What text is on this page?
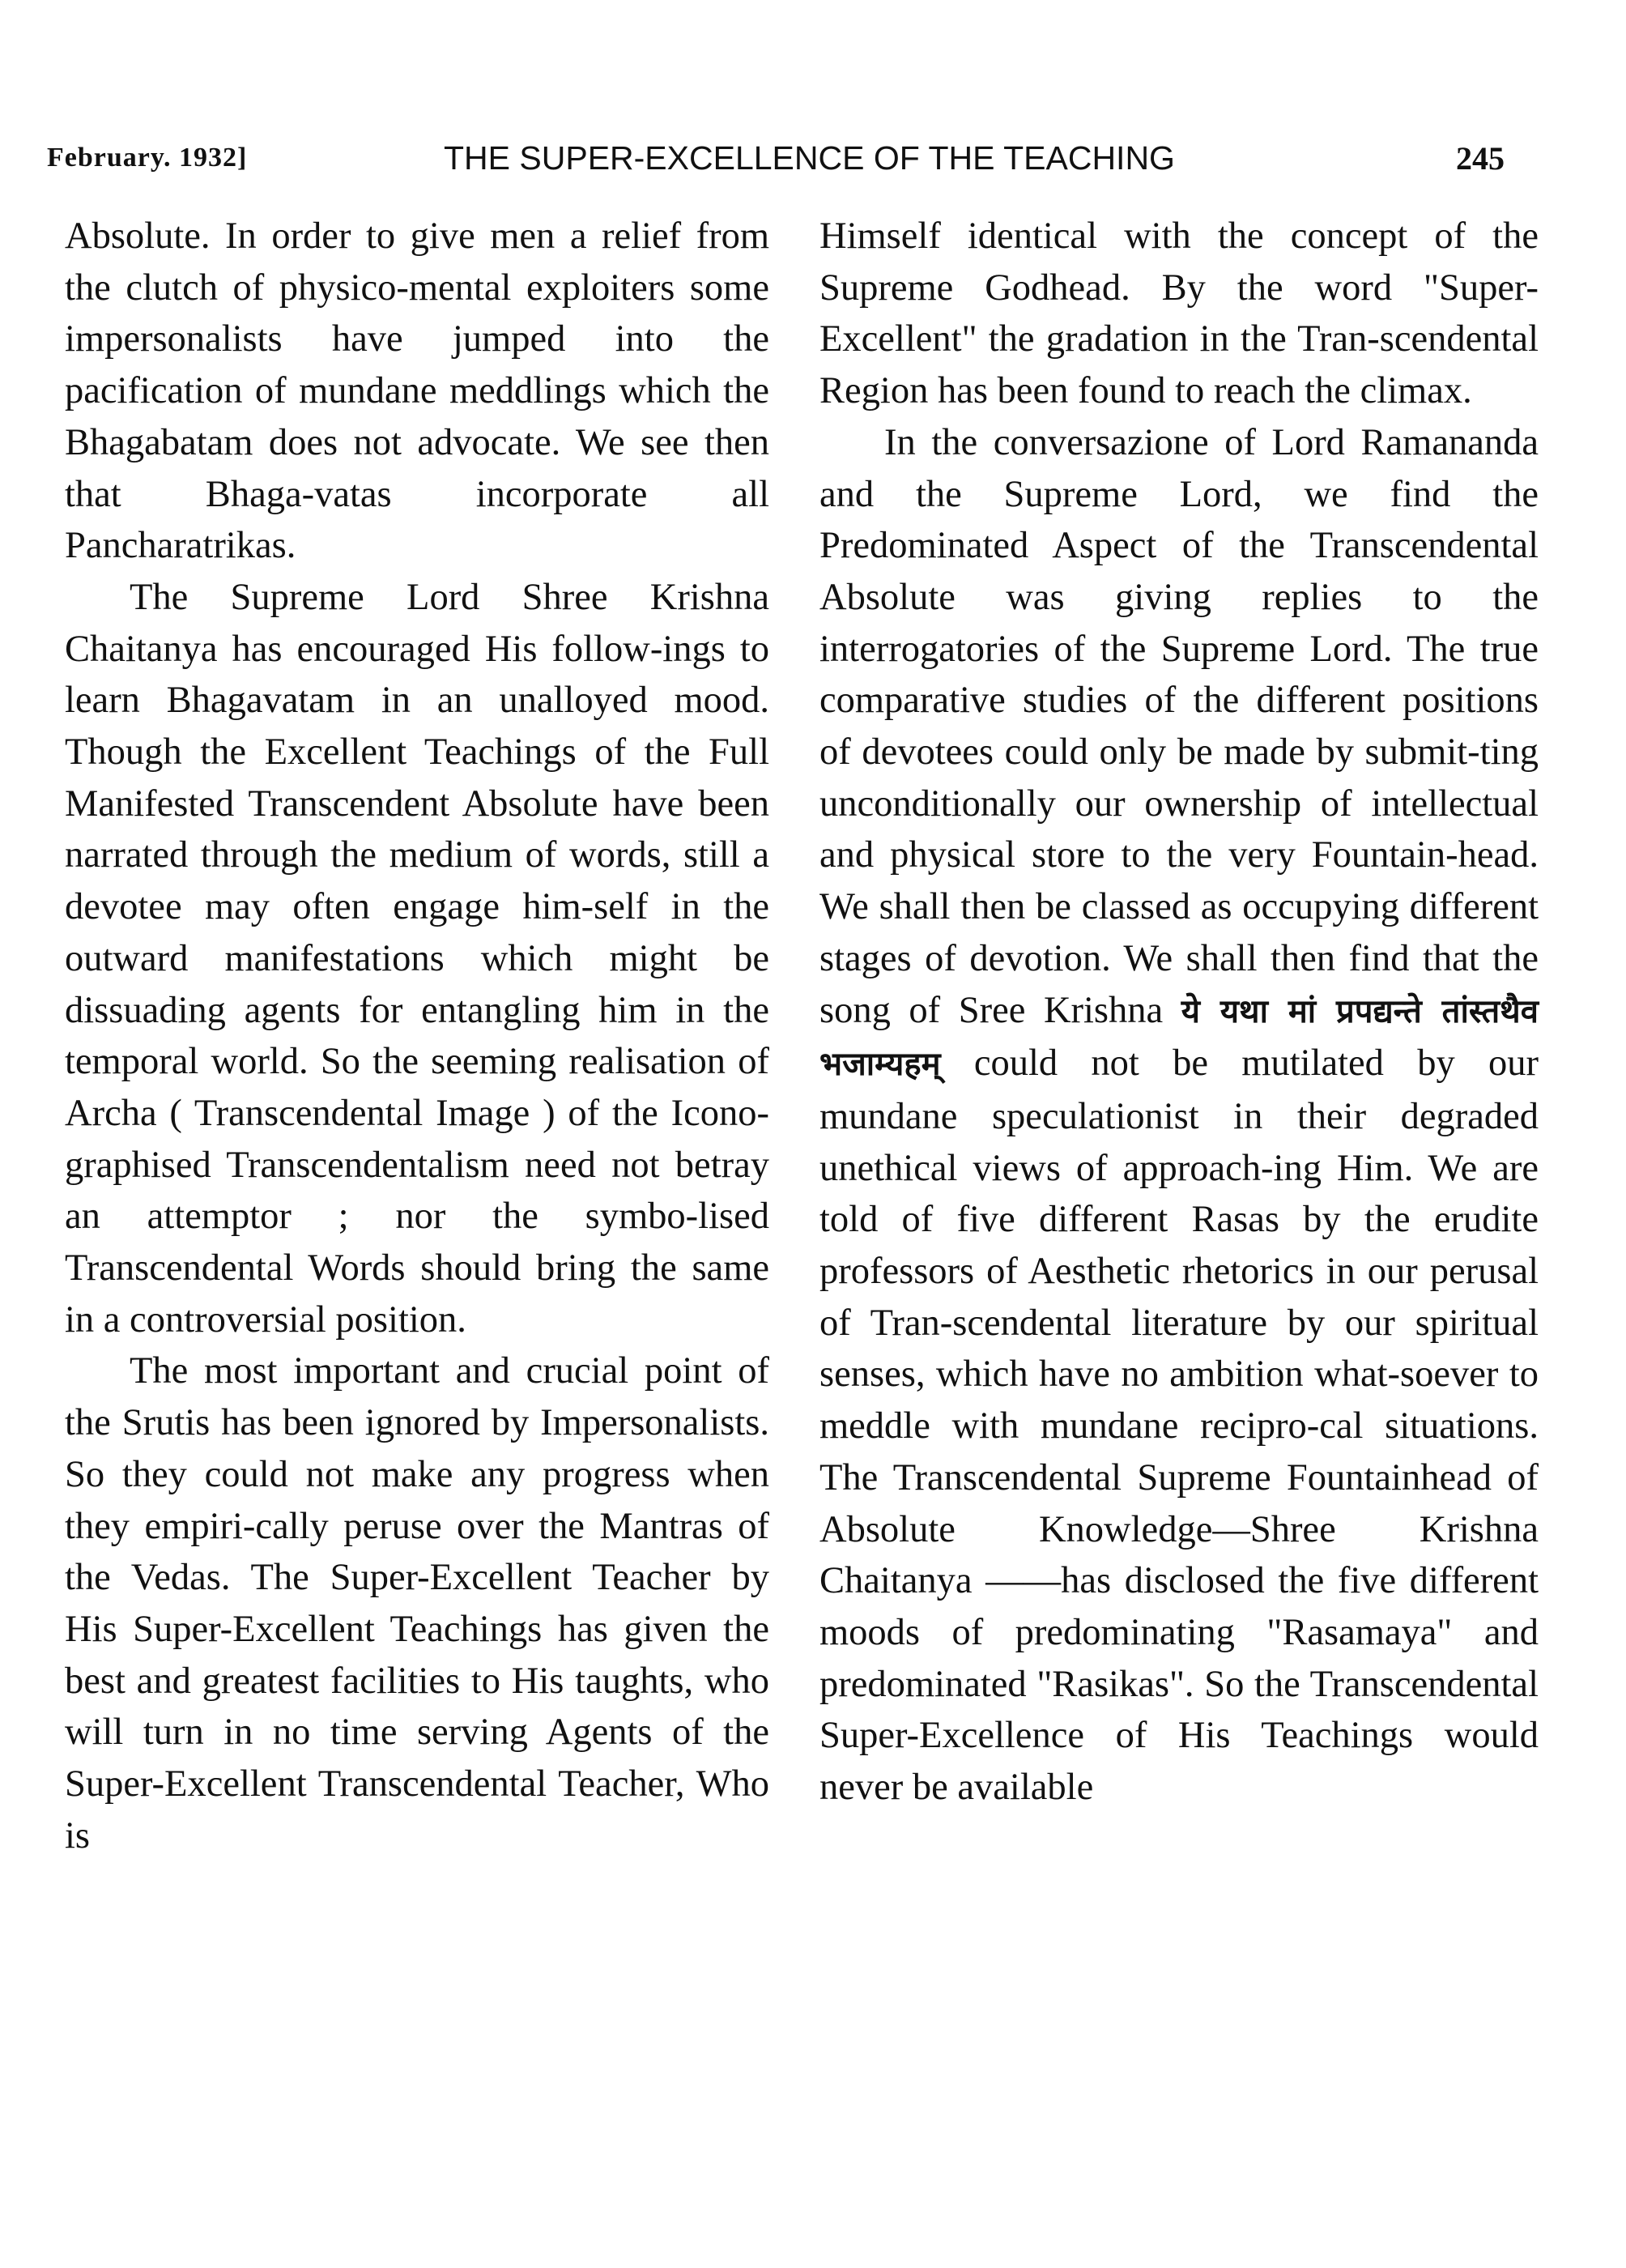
February. 1932]	THE SUPER-EXCELLENCE OF THE TEACHING	245

Absolute. In order to give men a relief from the clutch of physico-mental exploiters some impersonalists have jumped into the pacification of mundane meddlings which the Bhagabatam does not advocate. We see then that Bhaga-vatas incorporate all Pancharatrikas.

The Supreme Lord Shree Krishna Chaitanya has encouraged His follow-ings to learn Bhagavatam in an unalloyed mood. Though the Excellent Teachings of the Full Manifested Transcendent Absolute have been narrated through the medium of words, still a devotee may often engage him-self in the outward manifestations which might be dissuading agents for entangling him in the temporal world. So the seeming realisation of Archa ( Transcendental Image ) of the Icono-graphised Transcendentalism need not betray an attemptor ; nor the symbo-lised Transcendental Words should bring the same in a controversial position.

The most important and crucial point of the Srutis has been ignored by Impersonalists. So they could not make any progress when they empiri-cally peruse over the Mantras of the Vedas. The Super-Excellent Teacher by His Super-Excellent Teachings has given the best and greatest facilities to His taughts, who will turn in no time serving Agents of the Super-Excellent Transcendental Teacher, Who is

Himself identical with the concept of the Supreme Godhead. By the word "Super-Excellent" the gradation in the Tran-scendental Region has been found to reach the climax.

In the conversazione of Lord Ramananda and the Supreme Lord, we find the Predominated Aspect of the Transcendental Absolute was giving replies to the interrogatories of the Supreme Lord. The true comparative studies of the different positions of devotees could only be made by submit-ting unconditionally our ownership of intellectual and physical store to the very Fountain-head. We shall then be classed as occupying different stages of devotion. We shall then find that the song of Sree Krishna ये यथा मां प्रपद्यन्ते तांस्तथैव भजाम्यहम् could not be mutilated by our mundane speculationist in their degraded unethical views of approach-ing Him. We are told of five different Rasas by the erudite professors of Aesthetic rhetorics in our perusal of Tran-scendental literature by our spiritual senses, which have no ambition what-soever to meddle with mundane recipro-cal situations. The Transcendental Supreme Fountainhead of Absolute Knowledge—Shree Krishna Chaitanya ——has disclosed the five different moods of predominating "Rasamaya" and predominated "Rasikas". So the Transcendental Super-Excellence of His Teachings would never be available
